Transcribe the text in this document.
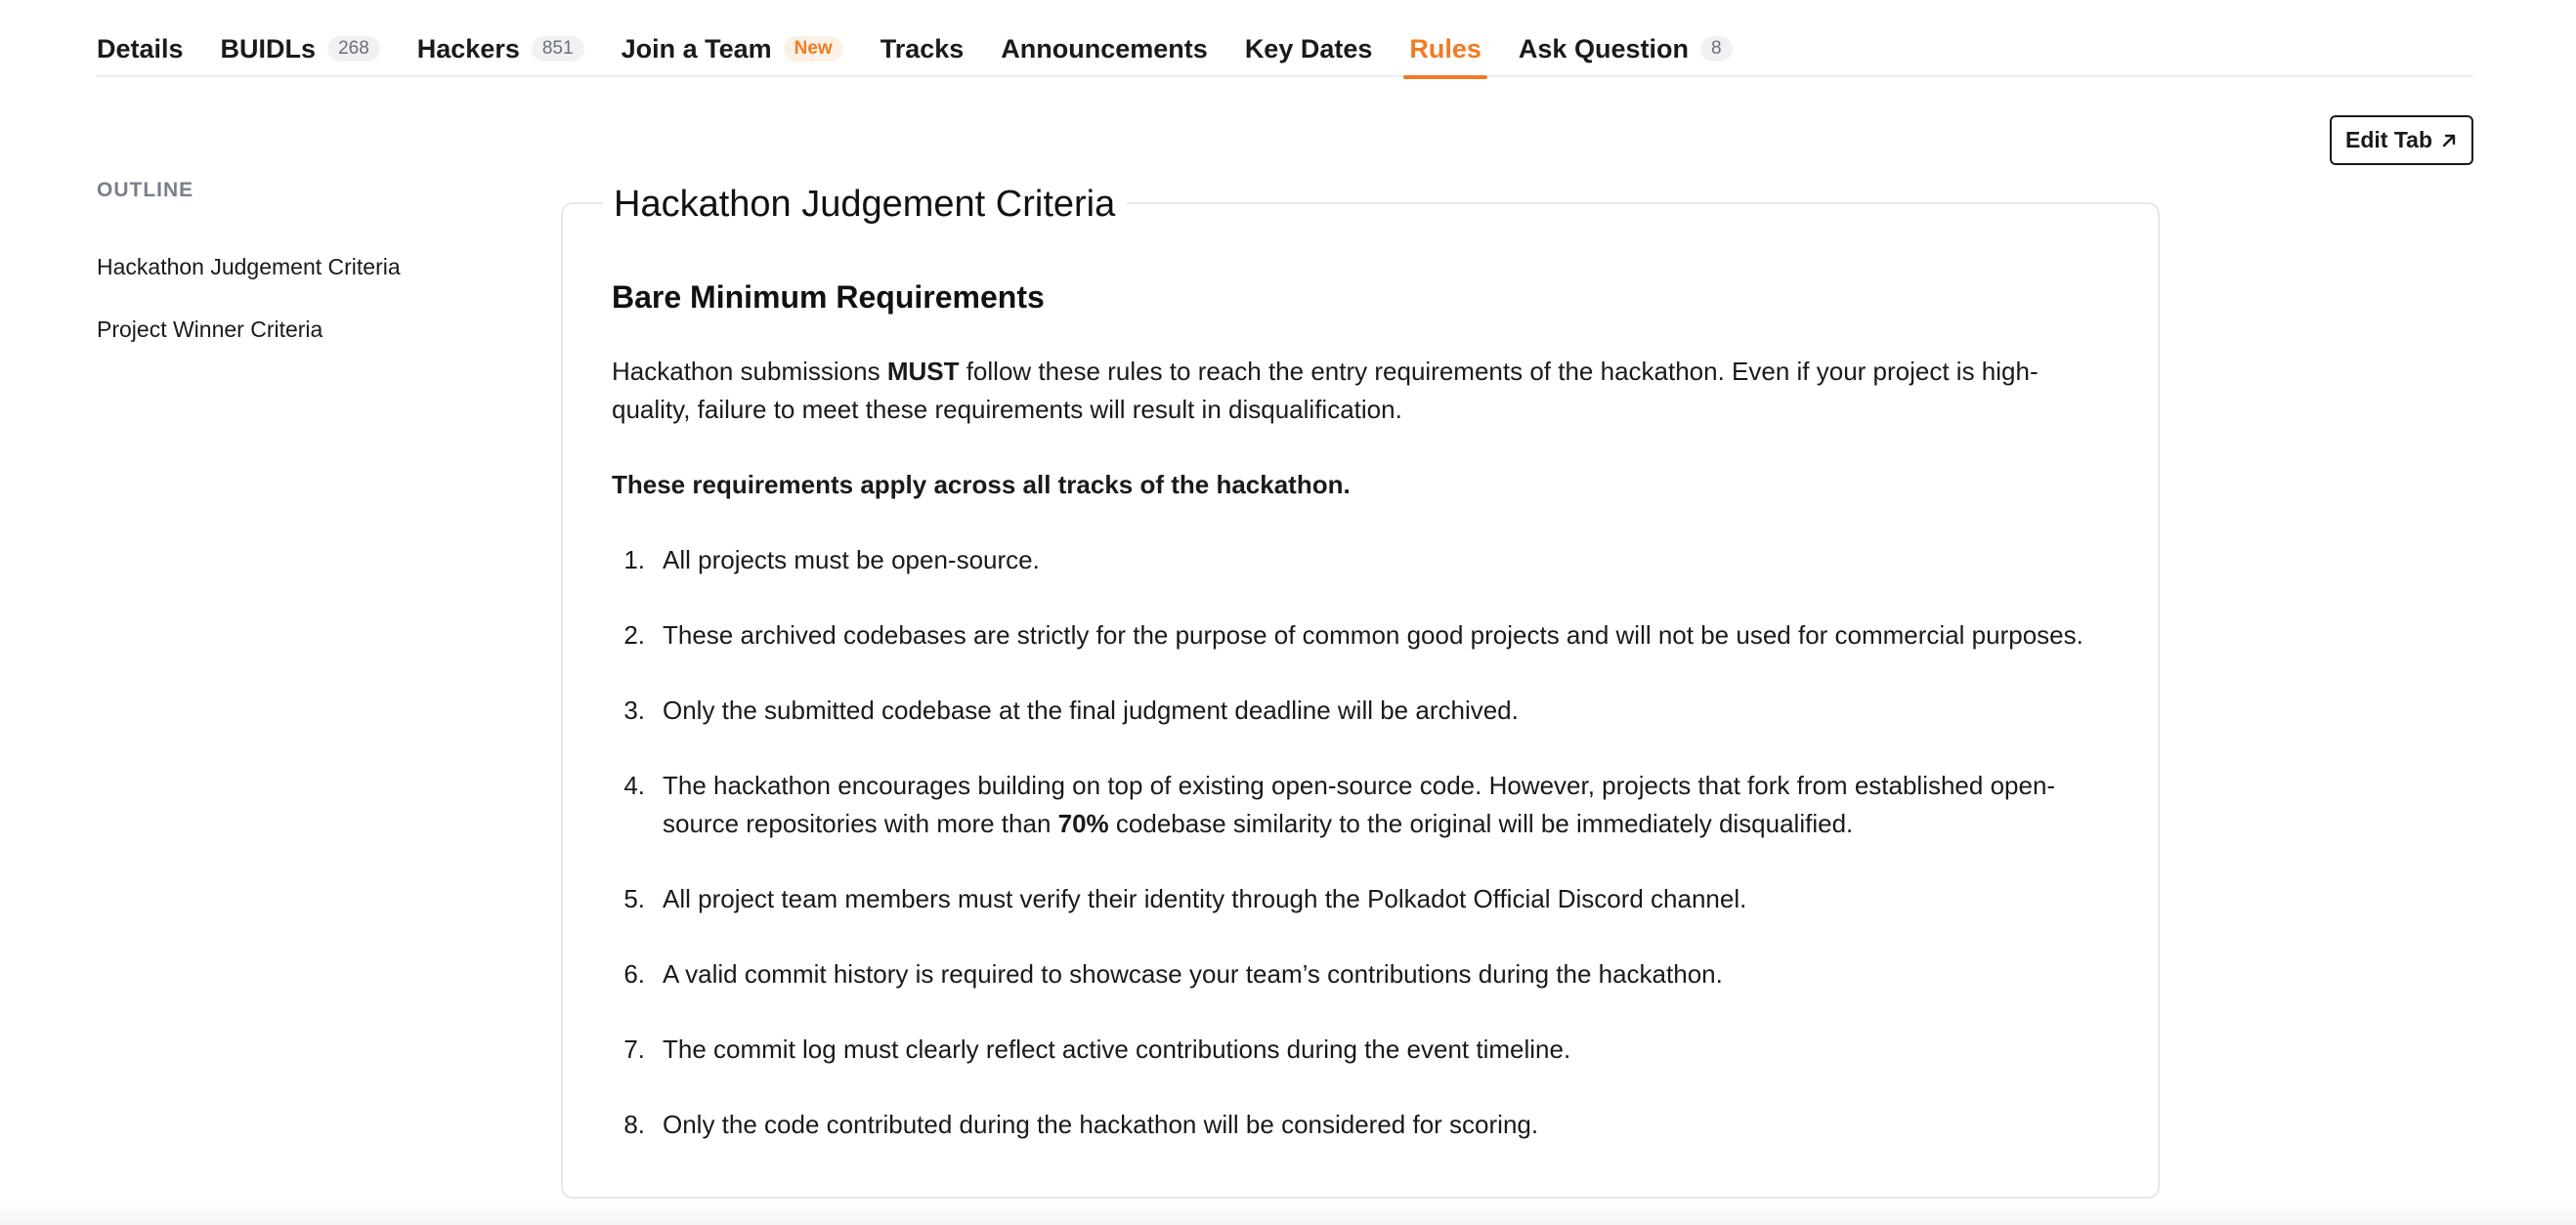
Details BUIDLs	268	Hackers	851	Join a Team	New	Tracks Announcements Key Dates Rules Ask Question	8
Edit Tab
OUTLINE
Hackathon Judgement Criteria
Project Winner Criteria
Hackathon Judgement Criteria
Bare Minimum Requirements

Hackathon submissions MUST follow these rules to reach the entry requirements of the hackathon. Even if your project is high-quality, failure to meet these requirements will result in disqualification.

These requirements apply across all tracks of the hackathon.

1. All projects must be open-source.
2. These archived codebases are strictly for the purpose of common good projects and will not be used for commercial purposes.
3. Only the submitted codebase at the final judgment deadline will be archived.
4. The hackathon encourages building on top of existing open-source code. However, projects that fork from established open-source repositories with more than 70% codebase similarity to the original will be immediately disqualified.
5. All project team members must verify their identity through the Polkadot Official Discord channel.
6. A valid commit history is required to showcase your team’s contributions during the hackathon.
7. The commit log must clearly reflect active contributions during the event timeline.
8. Only the code contributed during the hackathon will be considered for scoring.
